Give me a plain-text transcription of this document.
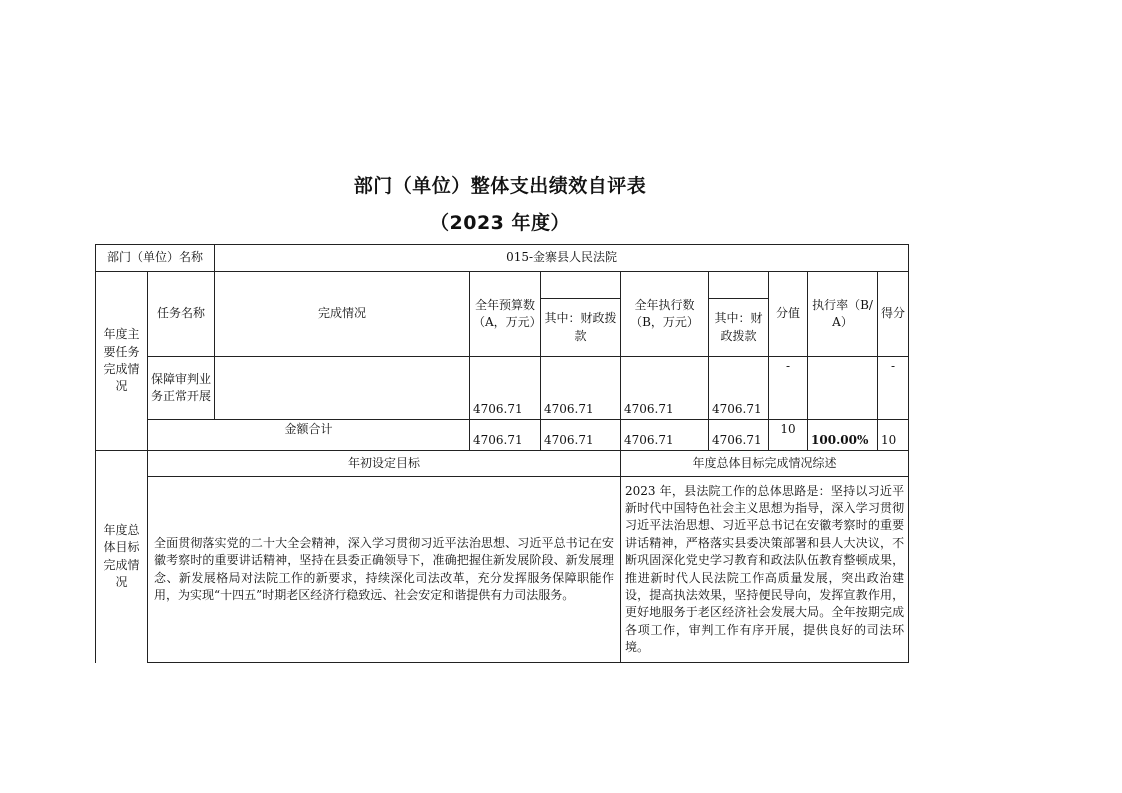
部门（单位）整体支出绩效自评表
（2023 年度）
部门（单位）名称		015-金寨县人民法院							
年度主要任务完成情况	任务名称	完成情况	全年预算数（A，万元）		全年执行数（B，万元）		分值	执行率（B/A）	得分
				其中：财政拨款		其中：财政拨款			
	保障审判业务正常开展		4706.71	4706.71	4706.71	4706.71	-		-
	金额合计		4706.71	4706.71	4706.71	4706.71	10	100.00%	10

年度总体目标完成情况	年初设定目标				年度总体目标完成情况综述				
	全面贯彻落实党的二十大全会精神，深入学习贯彻习近平法治思想、习近平总书记在安徽考察时的重要讲话精神，坚持在县委正确领导下，准确把握住新发展阶段、新发展理念、新发展格局对法院工作的新要求，持续深化司法改革，充分发挥服务保障职能作用，为实现“十四五”时期老区经济行稳致远、社会安定和谐提供有力司法服务。				2023 年，县法院工作的总体思路是：坚持以习近平新时代中国特色社会主义思想为指导，深入学习贯彻习近平法治思想、习近平总书记在安徽考察时的重要讲话精神，严格落实县委决策部署和县人大决议，不断巩固深化党史学习教育和政法队伍教育整顿成果，推进新时代人民法院工作高质量发展，突出政治建设，提高执法效果，坚持便民导向，发挥宣教作用，更好地服务于老区经济社会发展大局。全年按期完成各项工作，审判工作有序开展，提供良好的司法环境。				
